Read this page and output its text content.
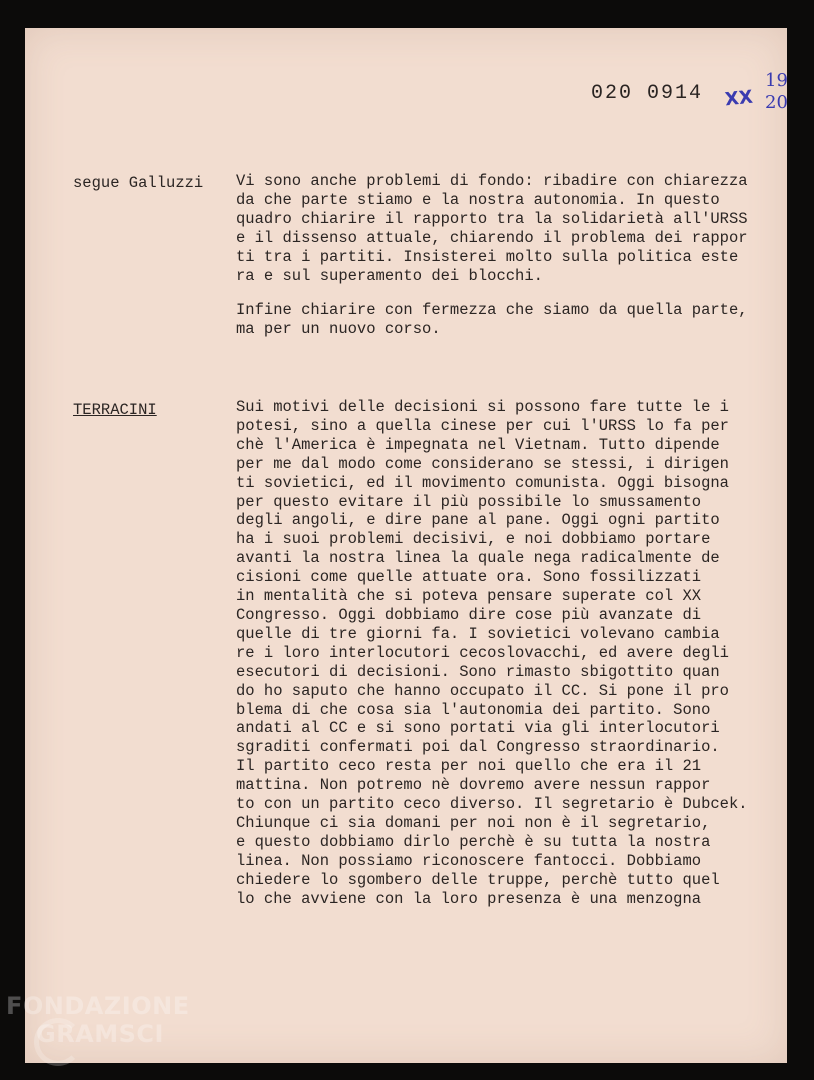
020 0914 XX
19
20
segue Galluzzi Vi sono anche problemi di fondo: ribadire con chiarezza
da che parte stiamo e la nostra autonomia. In questo
quadro chiarire il rapporto tra la solidarietà all'URSS
e il dissenso attuale, chiarendo il problema dei rappor
ti tra i partiti. Insisterei molto sulla politica este
ra e sul superamento dei blocchi.
Infine chiarire con fermezza che siamo da quella parte,
ma per un nuovo corso.
TERRACINI	Sui motivi delle decisioni si possono fare tutte le i
potesi, sino a quella cinese per cui l'URSS lo fa per
chè l'America è impegnata nel Vietnam. Tutto dipende
per me dal modo come considerano se stessi, i dirigen
ti sovietici, ed il movimento comunista. Oggi bisogna
per questo evitare il più possibile lo smussamento
degli angoli, e dire pane al pane. Oggi ogni partito
ha i suoi problemi decisivi, e noi dobbiamo portare
avanti la nostra linea la quale nega radicalmente de
cisioni come quelle attuate ora. Sono fossilizzati
in mentalità che si poteva pensare superate col XX
Congresso. Oggi dobbiamo dire cose più avanzate di
quelle di tre giorni fa. I sovietici volevano cambia
re i loro interlocutori cecoslovacchi, ed avere degli
esecutori di decisioni. Sono rimasto sbigottito quan
do ho saputo che hanno occupato il CC. Si pone il pro
blema di che cosa sia l'autonomia dei partito. Sono
andati al CC e si sono portati via gli interlocutori
sgraditi confermati poi dal Congresso straordinario.
Il partito ceco resta per noi quello che era il 21
mattina. Non potremo nè dovremo avere nessun rappor
to con un partito ceco diverso. Il segretario è Dubcek.
Chiunque ci sia domani per noi non è il segretario,
e questo dobbiamo dirlo perchè è su tutta la nostra
linea. Non possiamo riconoscere fantocci. Dobbiamo
chiedere lo sgombero delle truppe, perchè tutto quel
lo che avviene con la loro presenza è una menzogna
FONDAZIONE
GRAMSCI
